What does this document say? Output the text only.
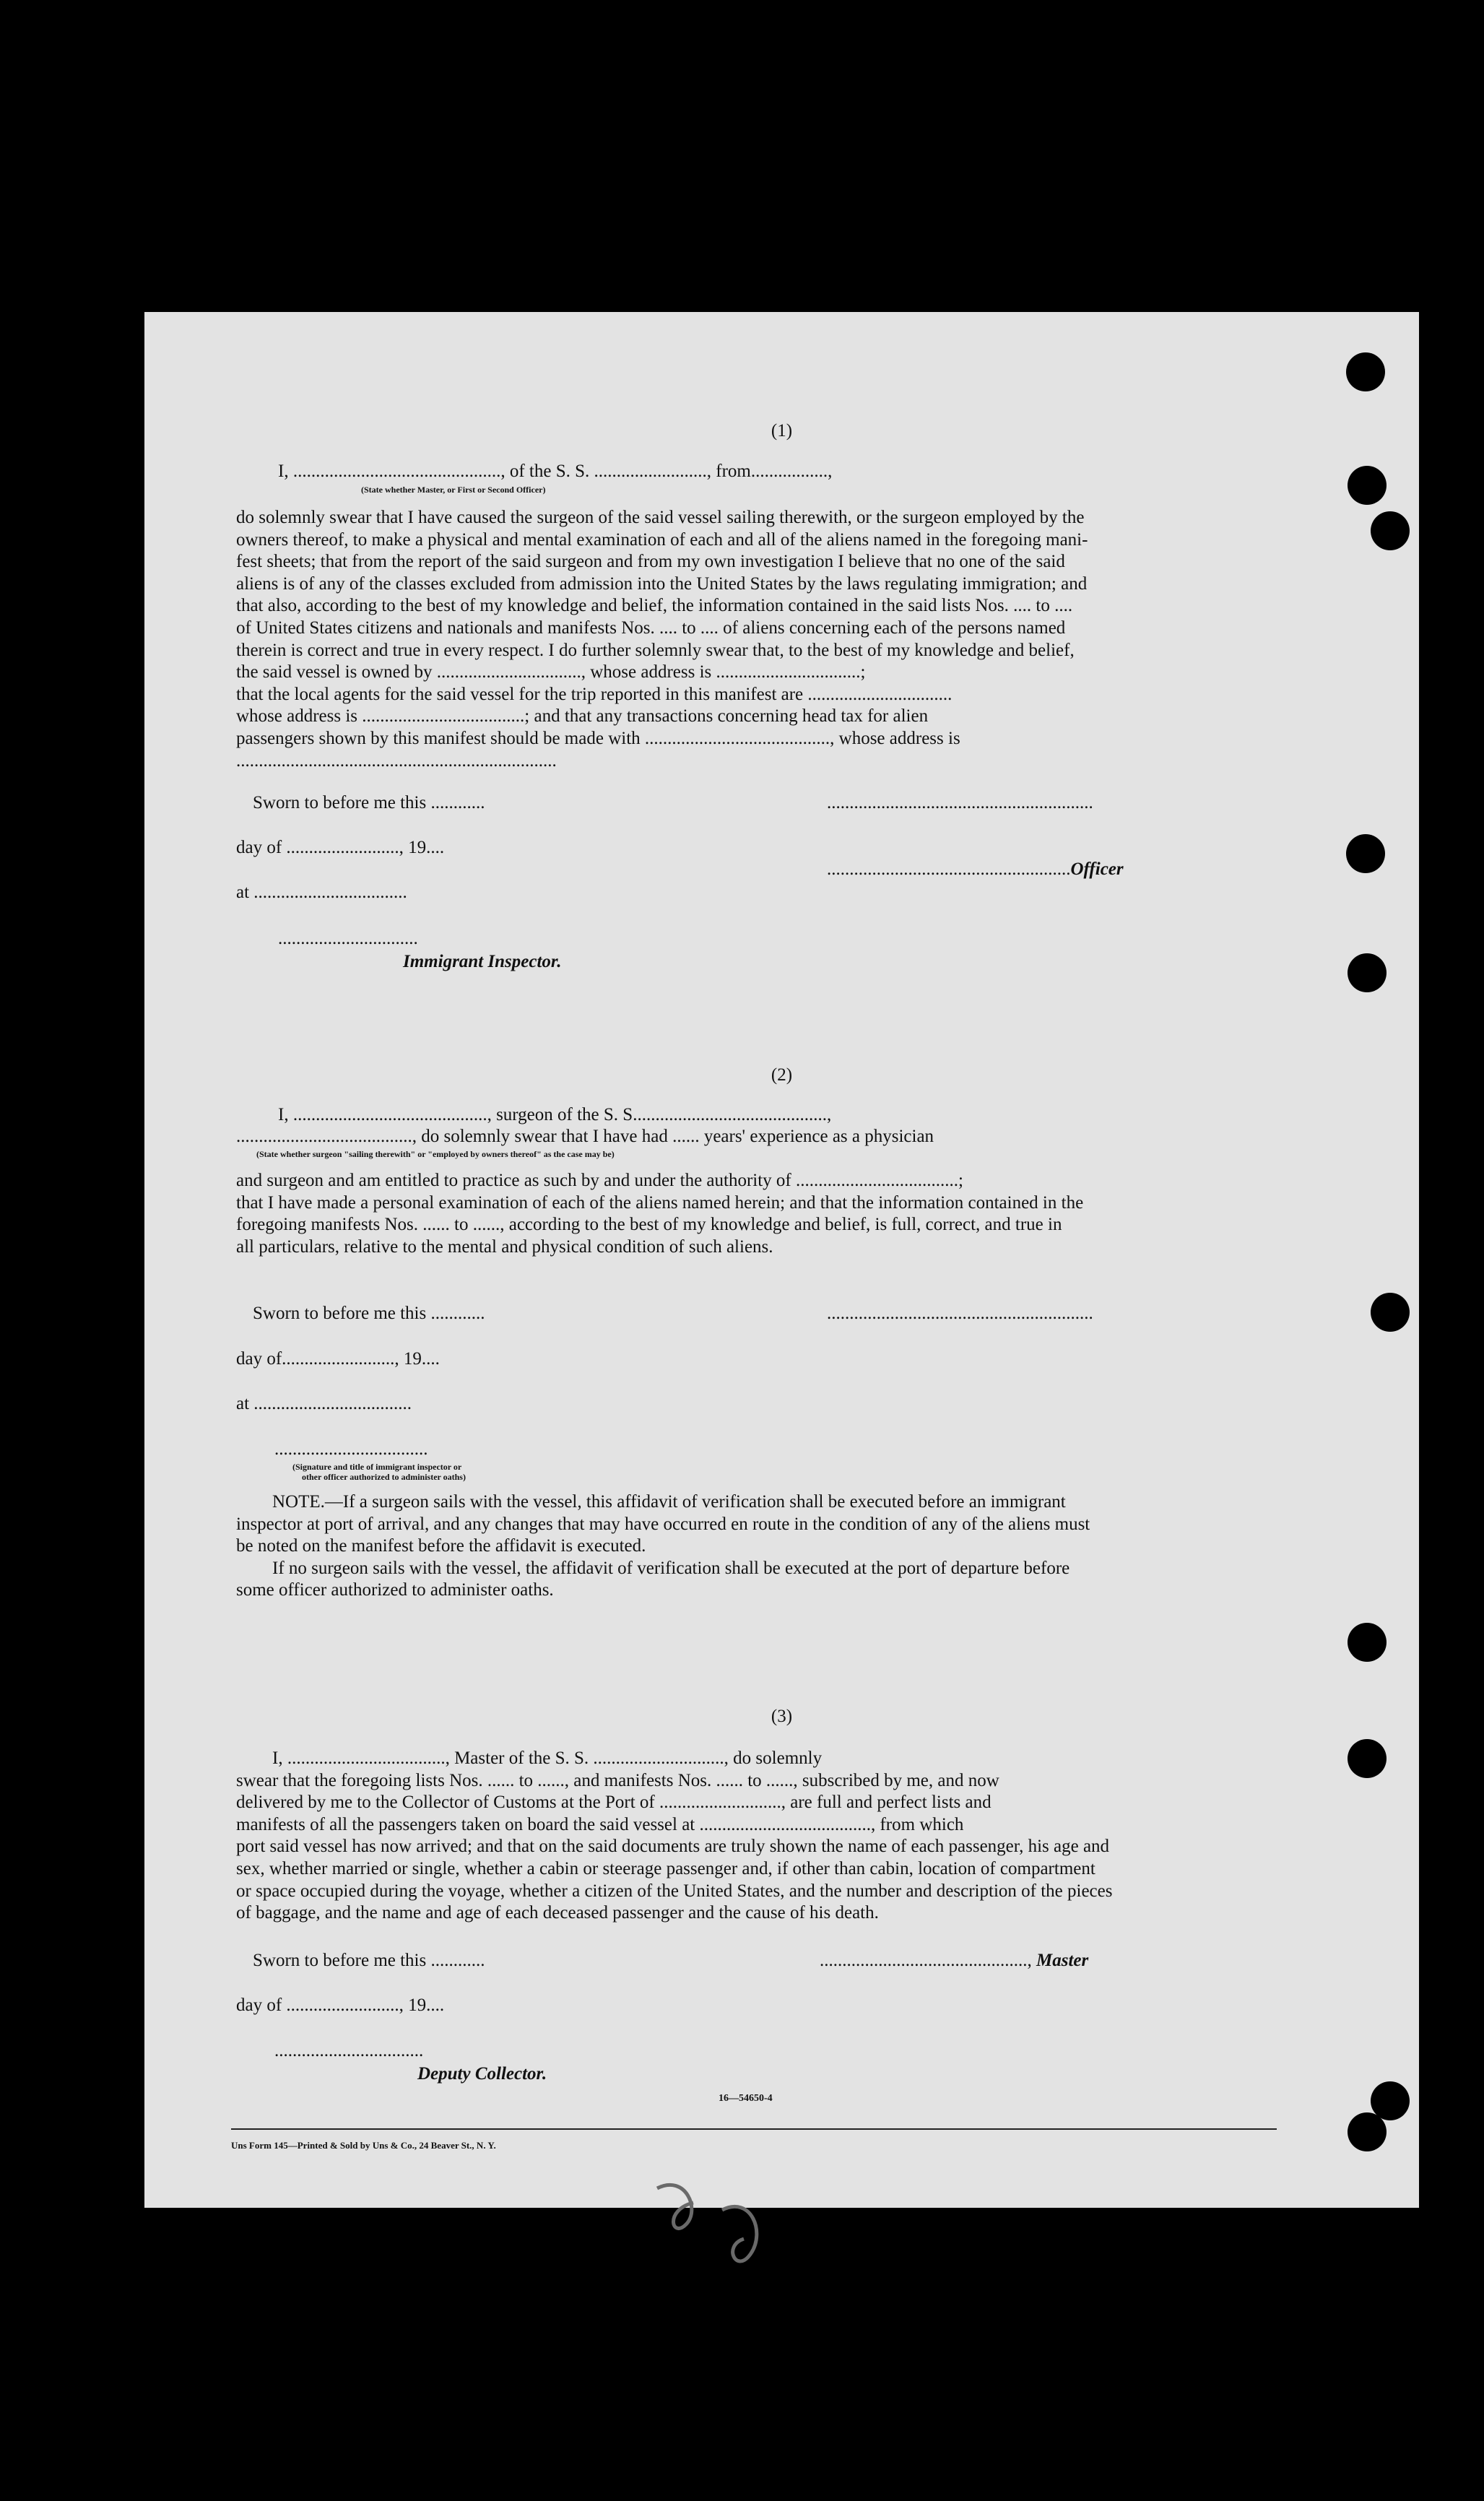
(1)
I, .............................................., of the S. S. ........................., from.................,
(State whether Master, or First or Second Officer)
do solemnly swear that I have caused the surgeon of the said vessel sailing therewith, or the surgeon employed by the
owners thereof, to make a physical and mental examination of each and all of the aliens named in the foregoing mani-
fest sheets; that from the report of the said surgeon and from my own investigation I believe that no one of the said
aliens is of any of the classes excluded from admission into the United States by the laws regulating immigration; and
that also, according to the best of my knowledge and belief, the information contained in the said lists Nos. .... to ....
of United States citizens and nationals and manifests Nos. .... to .... of aliens concerning each of the persons named
therein is correct and true in every respect. I do further solemnly swear that, to the best of my knowledge and belief,
the said vessel is owned by ................................, whose address is ................................;
that the local agents for the said vessel for the trip reported in this manifest are ................................
whose address is ....................................; and that any transactions concerning head tax for alien
passengers shown by this manifest should be made with ........................................., whose address is
.......................................................................
Sworn to before me this ............	...........................................................
day of ........................., 19....
......................................................Officer
at ..................................
...............................
Immigrant Inspector.
(2)
I, ..........................................., surgeon of the S. S...........................................,
......................................., do solemnly swear that I have had ...... years' experience as a physician
(State whether surgeon "sailing therewith" or "employed by owners thereof" as the case may be)
and surgeon and am entitled to practice as such by and under the authority of ....................................;
that I have made a personal examination of each of the aliens named herein; and that the information contained in the
foregoing manifests Nos. ...... to ......, according to the best of my knowledge and belief, is full, correct, and true in
all particulars, relative to the mental and physical condition of such aliens.
Sworn to before me this ............	...........................................................
day of........................., 19....
at ...................................
..................................
(Signature and title of immigrant inspector or
other officer authorized to administer oaths)
NOTE.—If a surgeon sails with the vessel, this affidavit of verification shall be executed before an immigrant
inspector at port of arrival, and any changes that may have occurred en route in the condition of any of the aliens must
be noted on the manifest before the affidavit is executed.
If no surgeon sails with the vessel, the affidavit of verification shall be executed at the port of departure before
some officer authorized to administer oaths.
(3)
I, ..................................., Master of the S. S. ............................., do solemnly
swear that the foregoing lists Nos. ...... to ......, and manifests Nos. ...... to ......, subscribed by me, and now
delivered by me to the Collector of Customs at the Port of ..........................., are full and perfect lists and
manifests of all the passengers taken on board the said vessel at ......................................, from which
port said vessel has now arrived; and that on the said documents are truly shown the name of each passenger, his age and
sex, whether married or single, whether a cabin or steerage passenger and, if other than cabin, location of compartment
or space occupied during the voyage, whether a citizen of the United States, and the number and description of the pieces
of baggage, and the name and age of each deceased passenger and the cause of his death.
Sworn to before me this ............	.............................................., Master
day of ........................., 19....
.................................
Deputy Collector.
16—54650-4
Uns Form 145—Printed & Sold by Uns & Co., 24 Beaver St., N. Y.
